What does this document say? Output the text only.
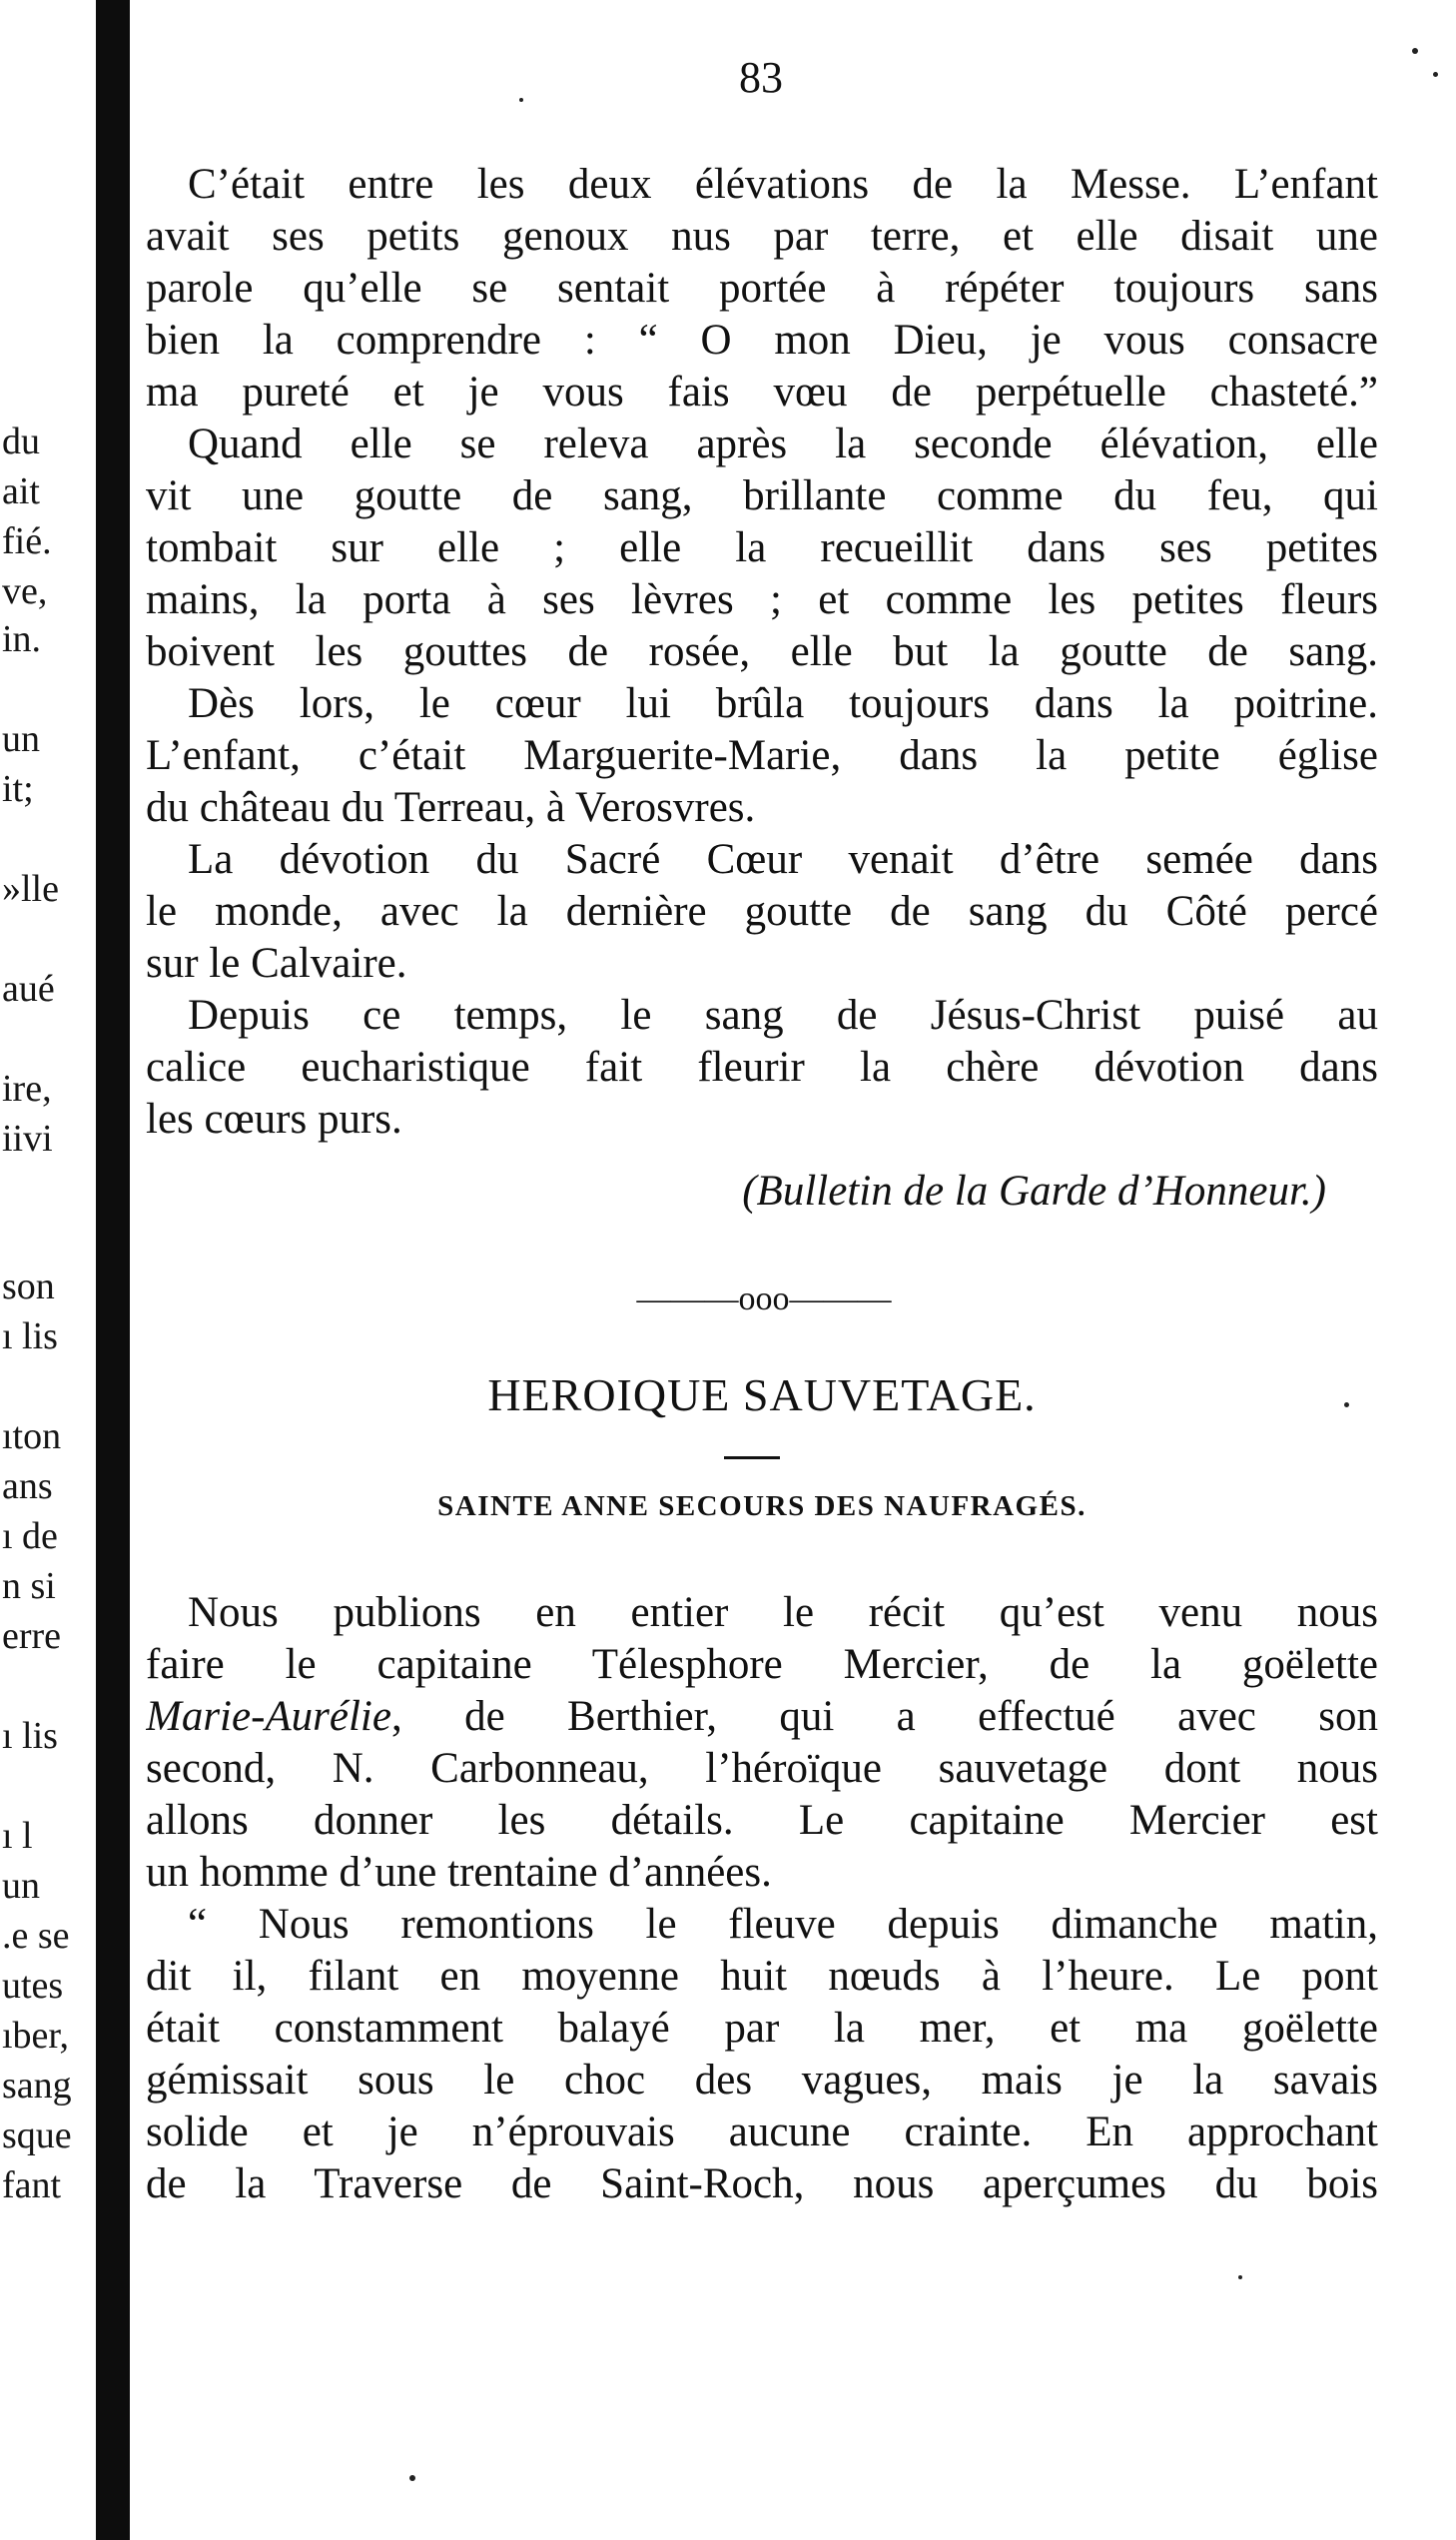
du
ait
fié.
ve,
in.
un
it;
»lle
aué
ire,
iivi
son
ı lis
ıton
ans
ı de
n si
erre
ı lis
ı l
un
.e se
utes
ıber,
sang
sque
fant
83
C’était entre les deux élévations de la Messe. L’enfant
avait ses petits genoux nus par terre, et elle disait une
parole qu’elle se sentait portée à répéter toujours sans
bien la comprendre : “ O mon Dieu, je vous consacre
ma pureté et je vous fais vœu de perpétuelle chasteté.”
Quand elle se releva après la seconde élévation, elle
vit une goutte de sang, brillante comme du feu, qui
tombait sur elle ; elle la recueillit dans ses petites
mains, la porta à ses lèvres ; et comme les petites fleurs
boivent les gouttes de rosée, elle but la goutte de sang.
Dès lors, le cœur lui brûla toujours dans la poitrine.
L’enfant, c’était Marguerite-Marie, dans la petite église
du château du Terreau, à Verosvres.
La dévotion du Sacré Cœur venait d’être semée dans
le monde, avec la dernière goutte de sang du Côté percé
sur le Calvaire.
Depuis ce temps, le sang de Jésus-Christ puisé au
calice eucharistique fait fleurir la chère dévotion dans
les cœurs purs.
(Bulletin de la Garde d’Honneur.)
———ooo———
HEROIQUE SAUVETAGE.
SAINTE ANNE SECOURS DES NAUFRAGÉS.
Nous publions en entier le récit qu’est venu nous
faire le capitaine Télesphore Mercier, de la goëlette
Marie-Aurélie, de Berthier, qui a effectué avec son
second, N. Carbonneau, l’héroïque sauvetage dont nous
allons donner les détails. Le capitaine Mercier est
un homme d’une trentaine d’années.
“ Nous remontions le fleuve depuis dimanche matin,
dit il, filant en moyenne huit nœuds à l’heure. Le pont
était constamment balayé par la mer, et ma goëlette
gémissait sous le choc des vagues, mais je la savais
solide et je n’éprouvais aucune crainte. En approchant
de la Traverse de Saint-Roch, nous aperçumes du bois
